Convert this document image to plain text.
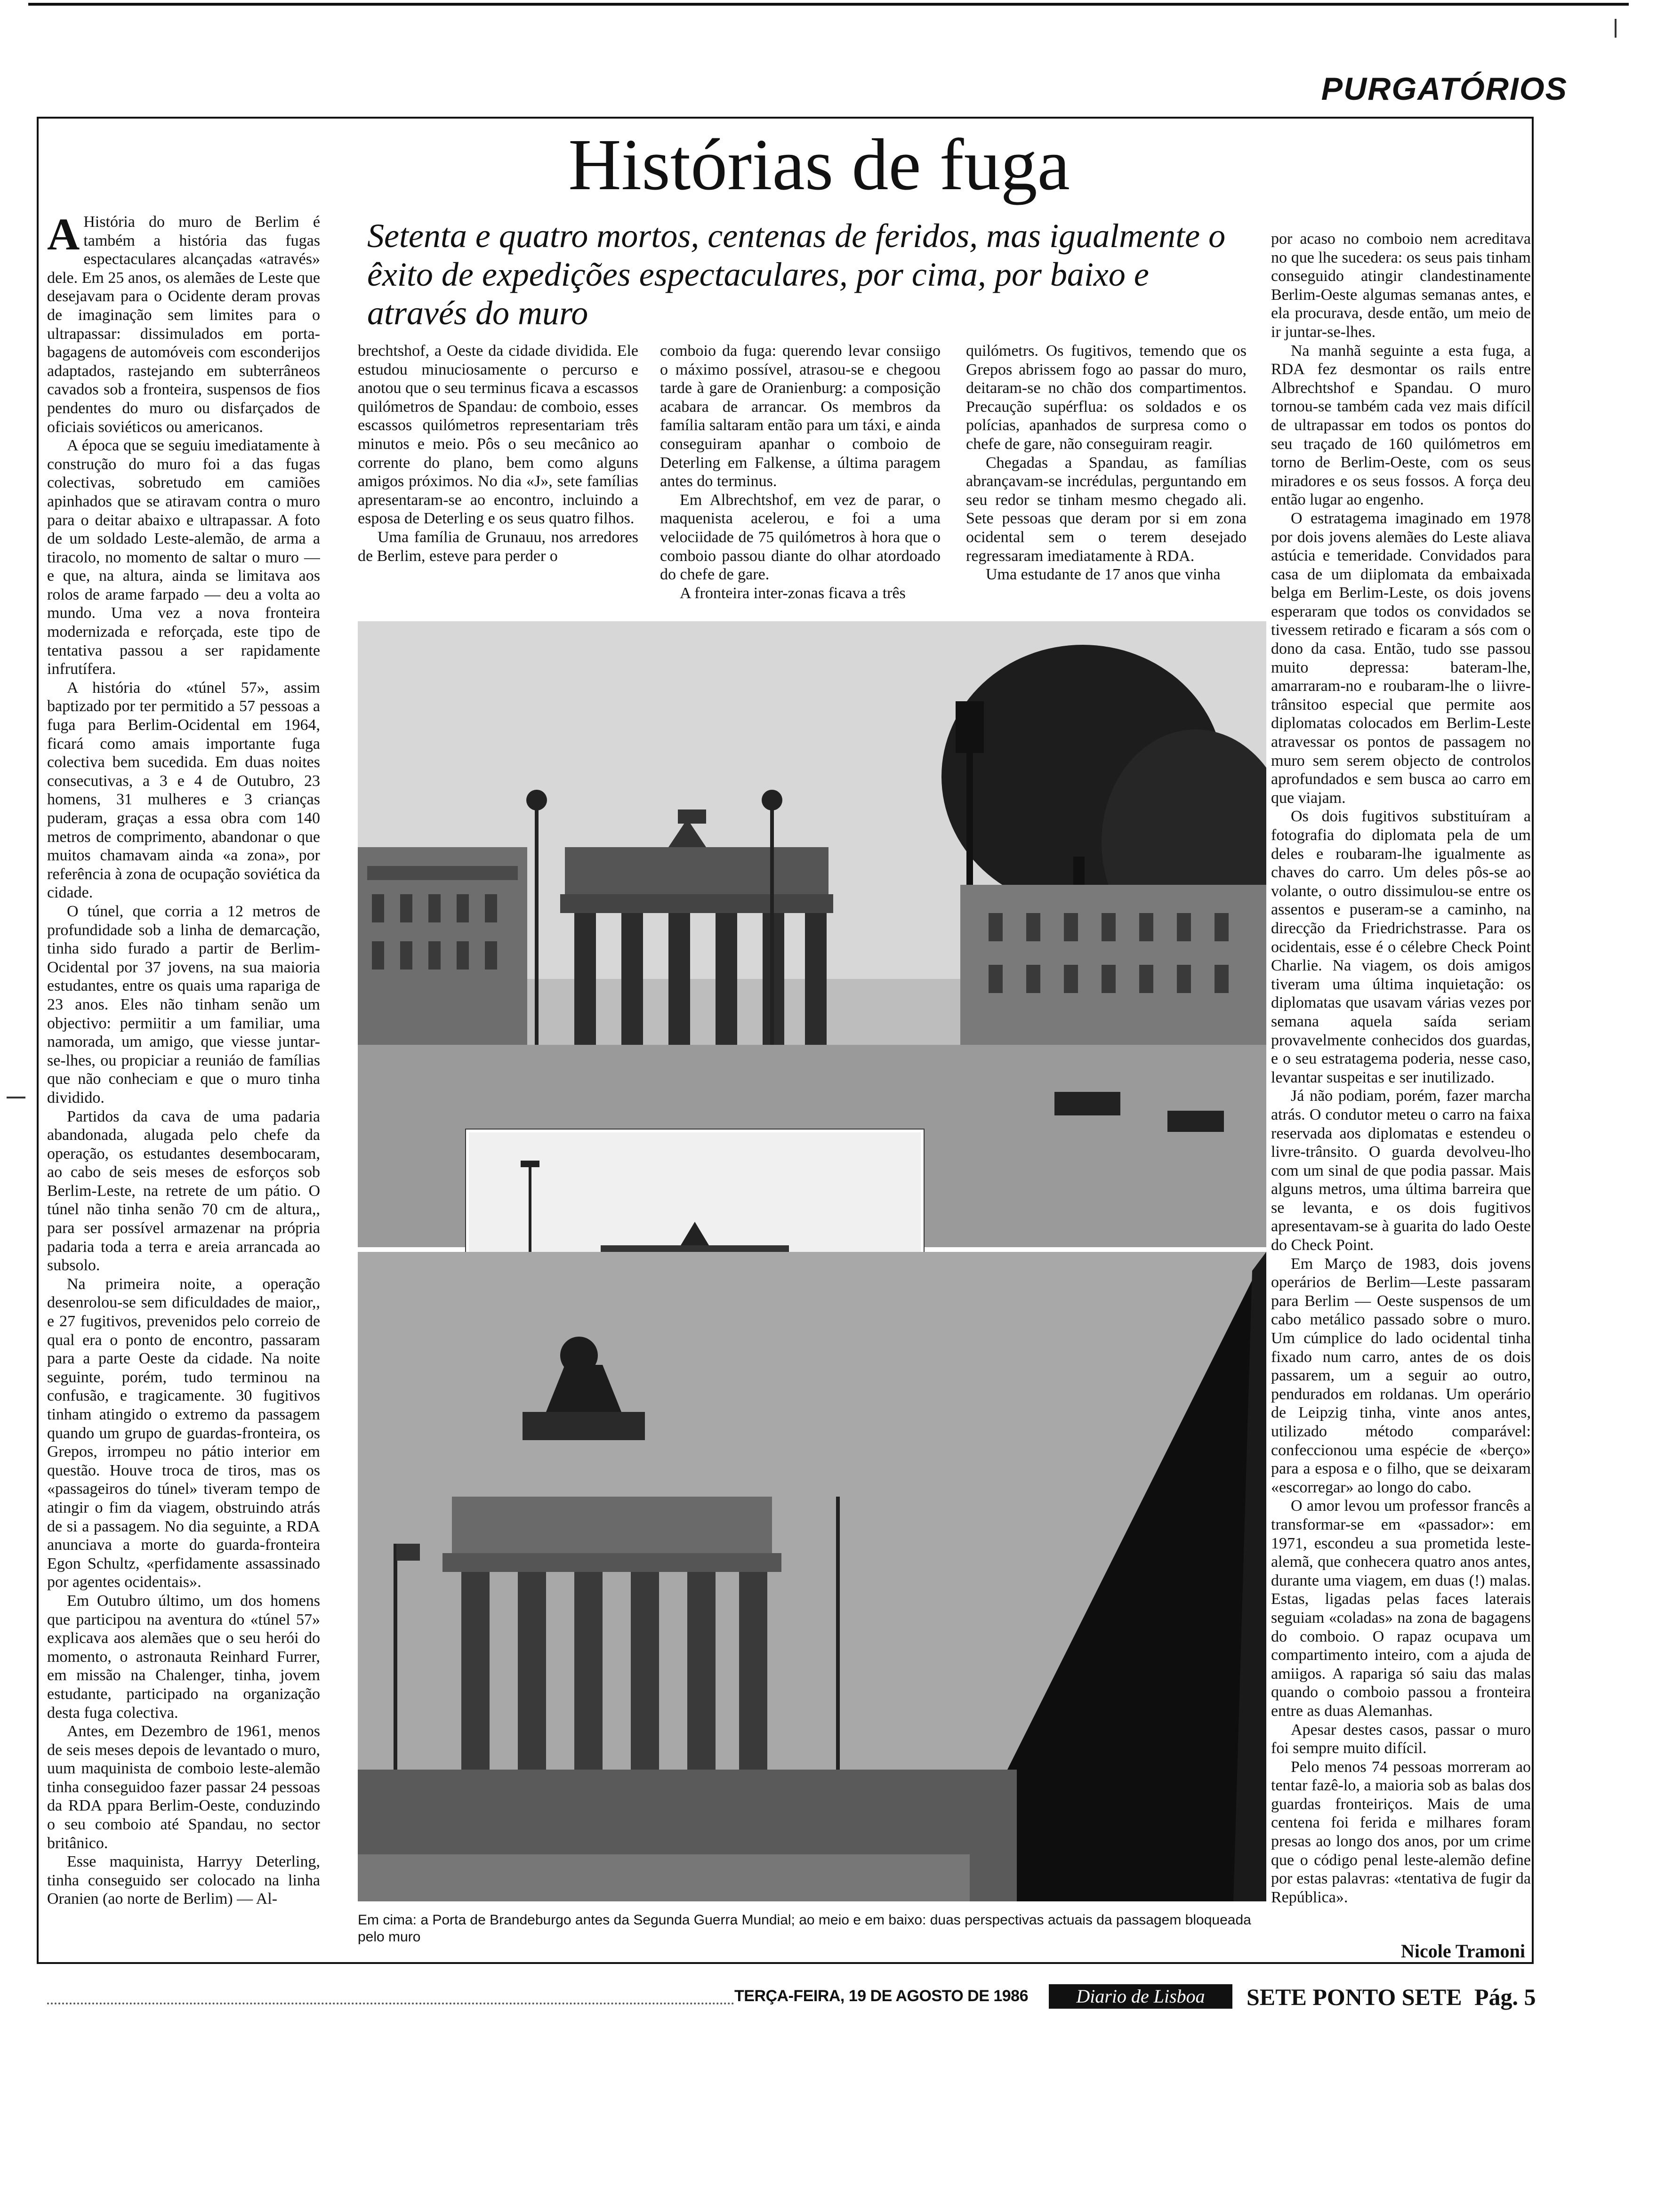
PURGATÓRIOS
Histórias de fuga
Setenta e quatro mortos, centenas de feridos, mas igualmente o êxito de expedições espectaculares, por cima, por baixo e através do muro

A História do muro de Berlim é também a história das fugas espectaculares alcançadas «através» dele. Em 25 anos, os alemães de Leste que desejavam para o Ocidente deram provas de imaginação sem limites para o ultrapassar: dissimulados em porta-bagagens de automóveis com esconderijos adaptados, rastejando em subterrâneos cavados sob a fronteira, suspensos de fios pendentes do muro ou disfarçados de oficiais soviéticos ou americanos.

A época que se seguiu imediatamente à construção do muro foi a das fugas colectivas, sobretudo em camiões apinhados que se atiravam contra o muro para o deitar abaixo e ultrapassar. A foto de um soldado Leste-alemão, de arma a tiracolo, no momento de saltar o muro — e que, na altura, ainda se limitava aos rolos de arame farpado — deu a volta ao mundo. Uma vez a nova fronteira modernizada e reforçada, este tipo de tentativa passou a ser rapidamente infrutífera.

A história do «túnel 57», assim baptizado por ter permitido a 57 pessoas a fuga para Berlim-Ocidental em 1964, ficará como amais importante fuga colectiva bem sucedida. Em duas noites consecutivas, a 3 e 4 de Outubro, 23 homens, 31 mulheres e 3 crianças puderam, graças a essa obra com 140 metros de comprimento, abandonar o que muitos chamavam ainda «a zona», por referência à zona de ocupação soviética da cidade.

O túnel, que corria a 12 metros de profundidade sob a linha de demarcação, tinha sido furado a partir de Berlim-Ocidental por 37 jovens, na sua maioria estudantes, entre os quais uma rapariga de 23 anos. Eles não tinham senão um objectivo: permiitir a um familiar, uma namorada, um amigo, que viesse juntar-se-lhes, ou propiciar a reuniáo de famílias que não conheciam e que o muro tinha dividido.

Partidos da cava de uma padaria abandonada, alugada pelo chefe da operação, os estudantes desembocaram, ao cabo de seis meses de esforços sob Berlim-Leste, na retrete de um pátio. O túnel não tinha senão 70 cm de altura,, para ser possível armazenar na própria padaria toda a terra e areia arrancada ao subsolo.

Na primeira noite, a operação desenrolou-se sem dificuldades de maior,, e 27 fugitivos, prevenidos pelo correio de qual era o ponto de encontro, passaram para a parte Oeste da cidade. Na noite seguinte, porém, tudo terminou na confusão, e tragicamente. 30 fugitivos tinham atingido o extremo da passagem quando um grupo de guardas-fronteira, os Grepos, irrompeu no pátio interior em questão. Houve troca de tiros, mas os «passageiros do túnel» tiveram tempo de atingir o fim da viagem, obstruindo atrás de si a passagem. No dia seguinte, a RDA anunciava a morte do guarda-fronteira Egon Schultz, «perfidamente assassinado por agentes ocidentais».

Em Outubro último, um dos homens que participou na aventura do «túnel 57» explicava aos alemães que o seu herói do momento, o astronauta Reinhard Furrer, em missão na Chalenger, tinha, jovem estudante, participado na organização desta fuga colectiva.

Antes, em Dezembro de 1961, menos de seis meses depois de levantado o muro, uum maquinista de comboio leste-alemão tinha conseguidoo fazer passar 24 pessoas da RDA ppara Berlim-Oeste, conduzindo o seu comboio até Spandau, no sector britânico.

Esse maquinista, Harryy Deterling, tinha conseguido ser colocado na linha Oranien (ao norte de Berlim) — Al-

brechtshof, a Oeste da cidade dividida. Ele estudou minuciosamente o percurso e anotou que o seu terminus ficava a escassos quilómetros de Spandau: de comboio, esses escassos quilómetros representariam três minutos e meio. Pôs o seu mecânico ao corrente do plano, bem como alguns amigos próximos. No dia «J», sete famílias apresentaram-se ao encontro, incluindo a esposa de Deterling e os seus quatro filhos.

Uma família de Grunauu, nos arredores de Berlim, esteve para perder o

comboio da fuga: querendo levar consiigo o máximo possível, atrasou-se e chegoou tarde à gare de Oranienburg: a composição acabara de arrancar. Os membros da família saltaram então para um táxi, e ainda conseguiram apanhar o comboio de Deterling em Falkense, a última paragem antes do terminus.

Em Albrechtshof, em vez de parar, o maquenista acelerou, e foi a uma velociidade de 75 quilómetros à hora que o comboio passou diante do olhar atordoado do chefe de gare.

A fronteira inter-zonas ficava a três

quilómetrs. Os fugitivos, temendo que os Grepos abrissem fogo ao passar do muro, deitaram-se no chão dos compartimentos. Precaução supérflua: os soldados e os polícias, apanhados de surpresa como o chefe de gare, não conseguiram reagir.

Chegadas a Spandau, as famílias abrançavam-se incrédulas, perguntando em seu redor se tinham mesmo chegado ali. Sete pessoas que deram por si em zona ocidental sem o terem desejado regressaram imediatamente à RDA.

Uma estudante de 17 anos que vinha

por acaso no comboio nem acreditava no que lhe sucedera: os seus pais tinham conseguido atingir clandestinamente Berlim-Oeste algumas semanas antes, e ela procurava, desde então, um meio de ir juntar-se-lhes.

Na manhã seguinte a esta fuga, a RDA fez desmontar os rails entre Albrechtshof e Spandau. O muro tornou-se também cada vez mais difícil de ultrapassar em todos os pontos do seu traçado de 160 quilómetros em torno de Berlim-Oeste, com os seus miradores e os seus fossos. A força deu então lugar ao engenho.

O estratagema imaginado em 1978 por dois jovens alemães do Leste aliava astúcia e temeridade. Convidados para casa de um diiplomata da embaixada belga em Berlim-Leste, os dois jovens esperaram que todos os convidados se tivessem retirado e ficaram a sós com o dono da casa. Então, tudo sse passou muito depressa: bateram-lhe, amarraram-no e roubaram-lhe o liivre-trânsitoo especial que permite aos diplomatas colocados em Berlim-Leste atravessar os pontos de passagem no muro sem serem objecto de controlos aprofundados e sem busca ao carro em que viajam.

Os dois fugitivos substituíram a fotografia do diplomata pela de um deles e roubaram-lhe igualmente as chaves do carro. Um deles pôs-se ao volante, o outro dissimulou-se entre os assentos e puseram-se a caminho, na direcção da Friedrichstrasse. Para os ocidentais, esse é o célebre Check Point Charlie. Na viagem, os dois amigos tiveram uma última inquietação: os diplomatas que usavam várias vezes por semana aquela saída seriam provavelmente conhecidos dos guardas, e o seu estratagema poderia, nesse caso, levantar suspeitas e ser inutilizado.

Já não podiam, porém, fazer marcha atrás. O condutor meteu o carro na faixa reservada aos diplomatas e estendeu o livre-trânsito. O guarda devolveu-lho com um sinal de que podia passar. Mais alguns metros, uma última barreira que se levanta, e os dois fugitivos apresentavam-se à guarita do lado Oeste do Check Point.

Em Março de 1983, dois jovens operários de Berlim—Leste passaram para Berlim — Oeste suspensos de um cabo metálico passado sobre o muro. Um cúmplice do lado ocidental tinha fixado num carro, antes de os dois passarem, um a seguir ao outro, pendurados em roldanas. Um operário de Leipzig tinha, vinte anos antes, utilizado método comparável: confeccionou uma espécie de «berço» para a esposa e o filho, que se deixaram «escorregar» ao longo do cabo.

O amor levou um professor francês a transformar-se em «passador»: em 1971, escondeu a sua prometida leste-alemã, que conhecera quatro anos antes, durante uma viagem, em duas (!) malas. Estas, ligadas pelas faces laterais seguiam «coladas» na zona de bagagens do comboio. O rapaz ocupava um compartimento inteiro, com a ajuda de amiigos. A rapariga só saiu das malas quando o comboio passou a fronteira entre as duas Alemanhas.

Apesar destes casos, passar o muro foi sempre muito difícil.

Pelo menos 74 pessoas morreram ao tentar fazê-lo, a maioria sob as balas dos guardas fronteiriços. Mais de uma centena foi ferida e milhares foram presas ao longo dos anos, por um crime que o código penal leste-alemão define por estas palavras: «tentativa de fugir da República».

Em cima: a Porta de Brandeburgo antes da Segunda Guerra Mundial; ao meio e em baixo: duas perspectivas actuais da passagem bloqueada pelo muro
Nicole Tramoni
TERÇA-FEIRA, 19 DE AGOSTO DE 1986	Diario de Lisboa	SETE PONTO SETE Pág. 5
